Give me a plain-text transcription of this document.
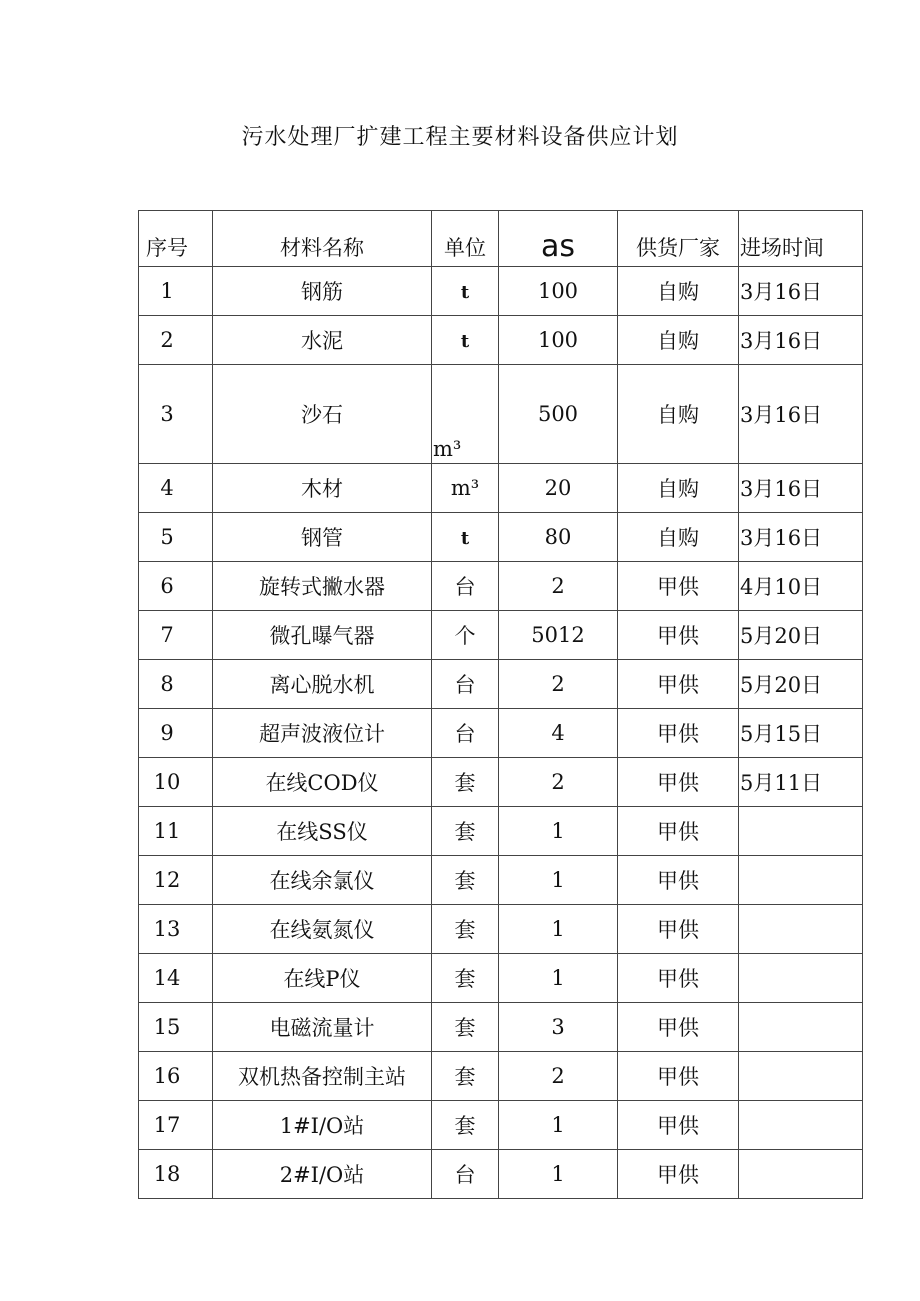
污水处理厂扩建工程主要材料设备供应计划
序号	材料名称	单位	as	供货厂家	进场时间
1	钢筋	t	100	自购	3月16日
2	水泥	t	100	自购	3月16日
3	沙石	m³	500	自购	3月16日
4	木材	m³	20	自购	3月16日
5	钢管	t	80	自购	3月16日
6	旋转式撇水器	台	2	甲供	4月10日
7	微孔曝气器	个	5012	甲供	5月20日
8	离心脱水机	台	2	甲供	5月20日
9	超声波液位计	台	4	甲供	5月15日
10	在线COD仪	套	2	甲供	5月11日
11	在线SS仪	套	1	甲供	
12	在线余氯仪	套	1	甲供	
13	在线氨氮仪	套	1	甲供	
14	在线P仪	套	1	甲供	
15	电磁流量计	套	3	甲供	
16	双机热备控制主站	套	2	甲供	
17	1#I/O站	套	1	甲供	
18	2#I/O站	台	1	甲供	
